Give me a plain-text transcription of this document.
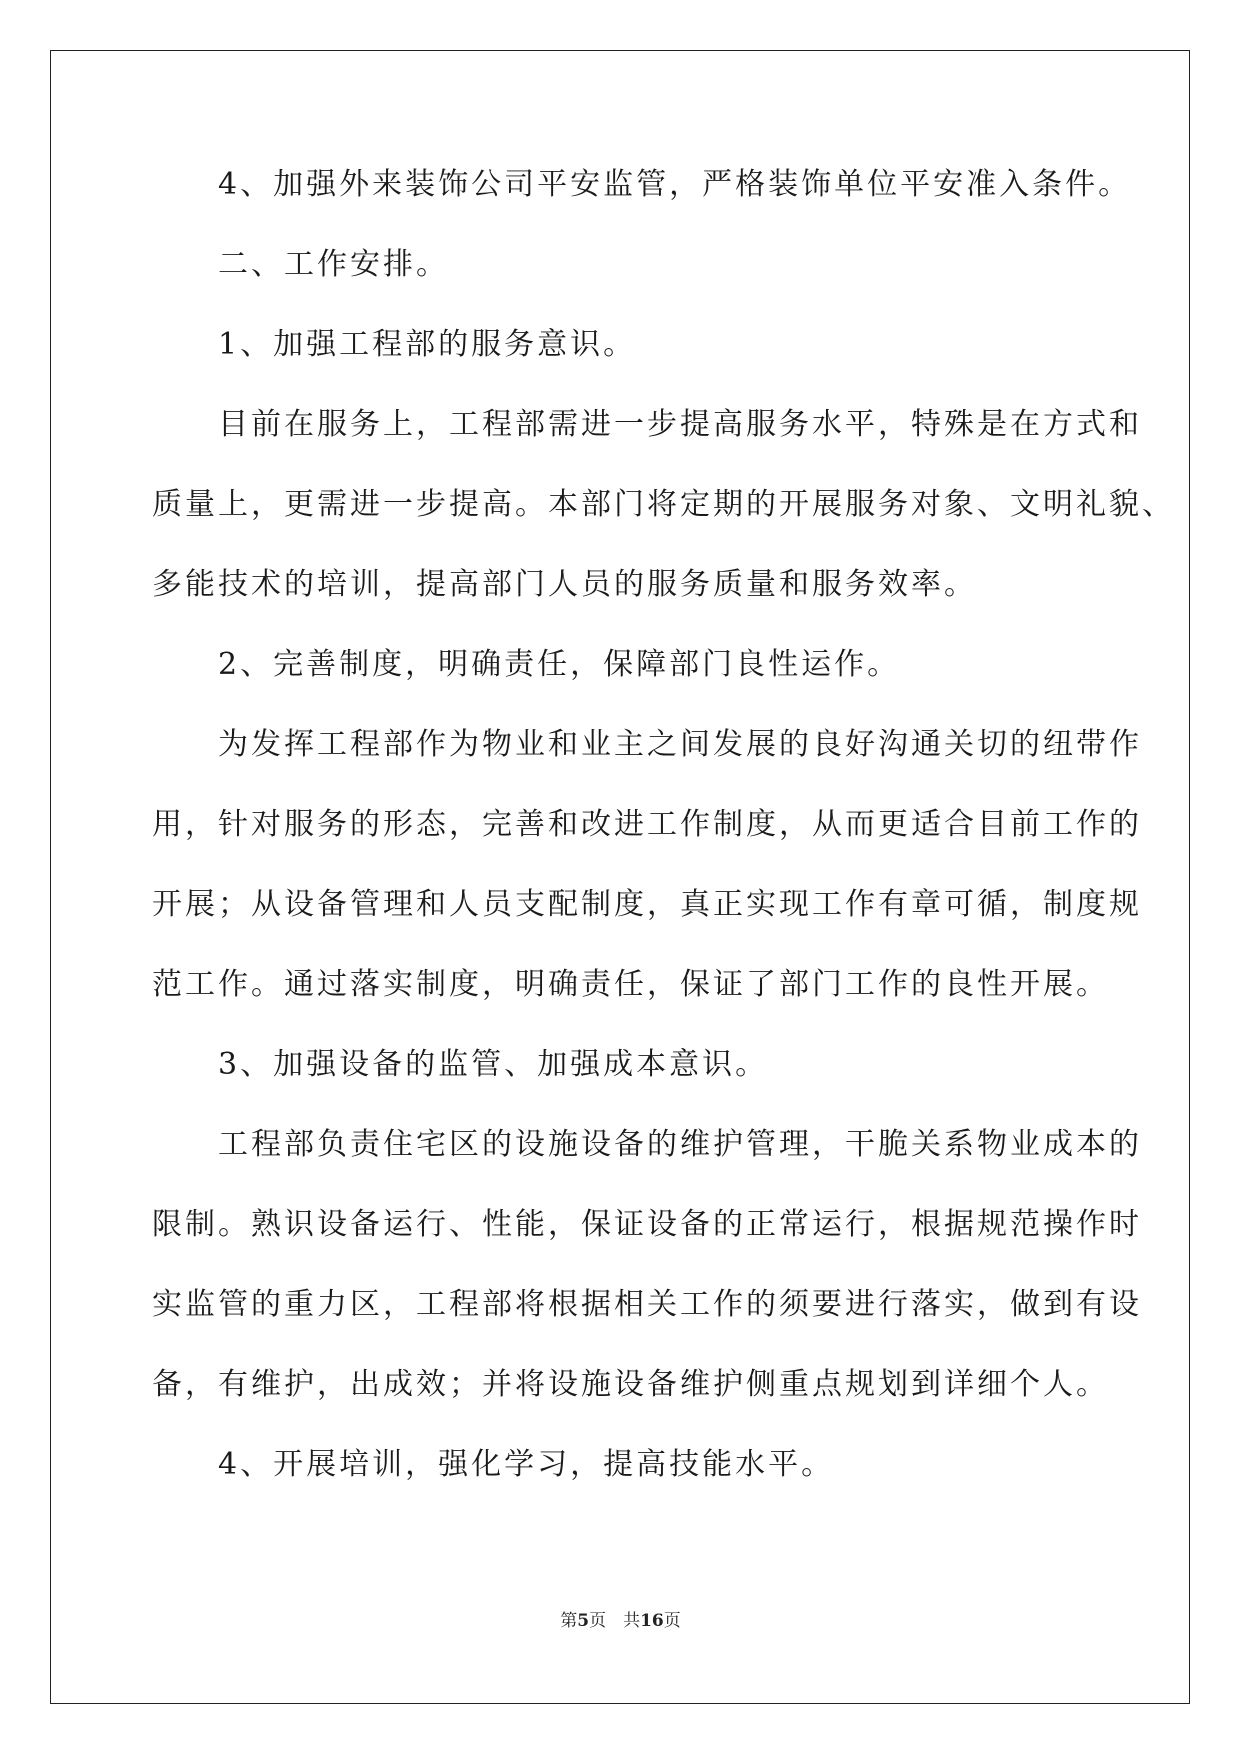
　　4、加强外来装饰公司平安监管，严格装饰单位平安准入条件。
　　二、工作安排。
　　1、加强工程部的服务意识。
　　目前在服务上，工程部需进一步提高服务水平，特殊是在方式和
质量上，更需进一步提高。本部门将定期的开展服务对象、文明礼貌、
多能技术的培训，提高部门人员的服务质量和服务效率。
　　2、完善制度，明确责任，保障部门良性运作。
　　为发挥工程部作为物业和业主之间发展的良好沟通关切的纽带作
用，针对服务的形态，完善和改进工作制度，从而更适合目前工作的
开展；从设备管理和人员支配制度，真正实现工作有章可循，制度规
范工作。通过落实制度，明确责任，保证了部门工作的良性开展。
　　3、加强设备的监管、加强成本意识。
　　工程部负责住宅区的设施设备的维护管理，干脆关系物业成本的
限制。熟识设备运行、性能，保证设备的正常运行，根据规范操作时
实监管的重力区，工程部将根据相关工作的须要进行落实，做到有设
备，有维护，出成效；并将设施设备维护侧重点规划到详细个人。
　　4、开展培训，强化学习，提高技能水平。
第5页　共16页
